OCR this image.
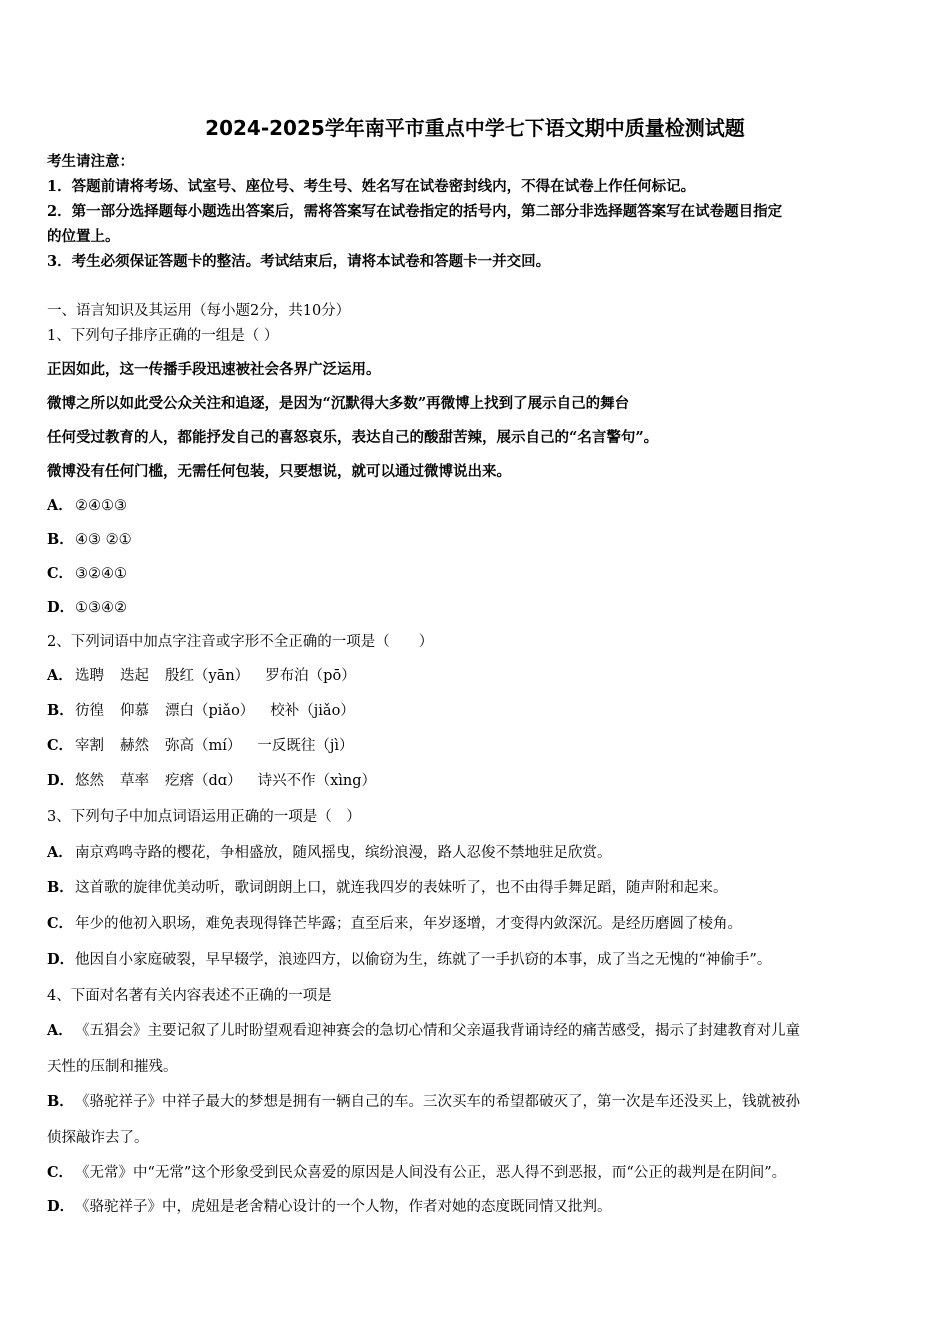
2024-2025学年南平市重点中学七下语文期中质量检测试题
考生请注意：
1．答题前请将考场、试室号、座位号、考生号、姓名写在试卷密封线内，不得在试卷上作任何标记。
2．第一部分选择题每小题选出答案后，需将答案写在试卷指定的括号内，第二部分非选择题答案写在试卷题目指定
的位置上。
3．考生必须保证答题卡的整洁。考试结束后，请将本试卷和答题卡一并交回。
一、语言知识及其运用（每小题2分，共10分）
1、下列句子排序正确的一组是（ ）
正因如此，这一传播手段迅速被社会各界广泛运用。
微博之所以如此受公众关注和追逐，是因为“沉默得大多数”再微博上找到了展示自己的舞台
任何受过教育的人，都能抒发自己的喜怒哀乐，表达自己的酸甜苦辣，展示自己的“名言警句”。
微博没有任何门槛，无需任何包装，只要想说，就可以通过微博说出来。
A． ②④①③
B．④③ ②①
C． ③②④①
D．①③④②
2、下列词语中加点字注音或字形不全正确的一项是（　　）
A． 选聘 迭起 殷红（yān） 罗布泊（pō）
B．彷徨 仰慕 漂白（piǎo） 校补（jiǎo）
C． 宰割 赫然 弥高（mí） 一反既往（jì）
D．悠然 草率 疙瘩（dɑ） 诗兴不作（xìng）
3、下列句子中加点词语运用正确的一项是（　）
A． 南京鸡鸣寺路的樱花，争相盛放，随风摇曳，缤纷浪漫，路人忍俊不禁地驻足欣赏。
B．这首歌的旋律优美动听，歌词朗朗上口，就连我四岁的表妹听了，也不由得手舞足蹈，随声附和起来。
C． 年少的他初入职场，难免表现得锋芒毕露；直至后来，年岁逐增，才变得内敛深沉。是经历磨圆了棱角。
D．他因自小家庭破裂，早早辍学，浪迹四方，以偷窃为生，练就了一手扒窃的本事，成了当之无愧的“神偷手”。
4、下面对名著有关内容表述不正确的一项是
A． 《五猖会》主要记叙了儿时盼望观看迎神赛会的急切心情和父亲逼我背诵诗经的痛苦感受，揭示了封建教育对儿童
天性的压制和摧残。
B．《骆驼祥子》中祥子最大的梦想是拥有一辆自己的车。三次买车的希望都破灭了，第一次是车还没买上，钱就被孙
侦探敲诈去了。
C． 《无常》中“无常”这个形象受到民众喜爱的原因是人间没有公正，恶人得不到恶报，而“公正的裁判是在阴间”。
D．《骆驼祥子》中，虎妞是老舍精心设计的一个人物，作者对她的态度既同情又批判。
